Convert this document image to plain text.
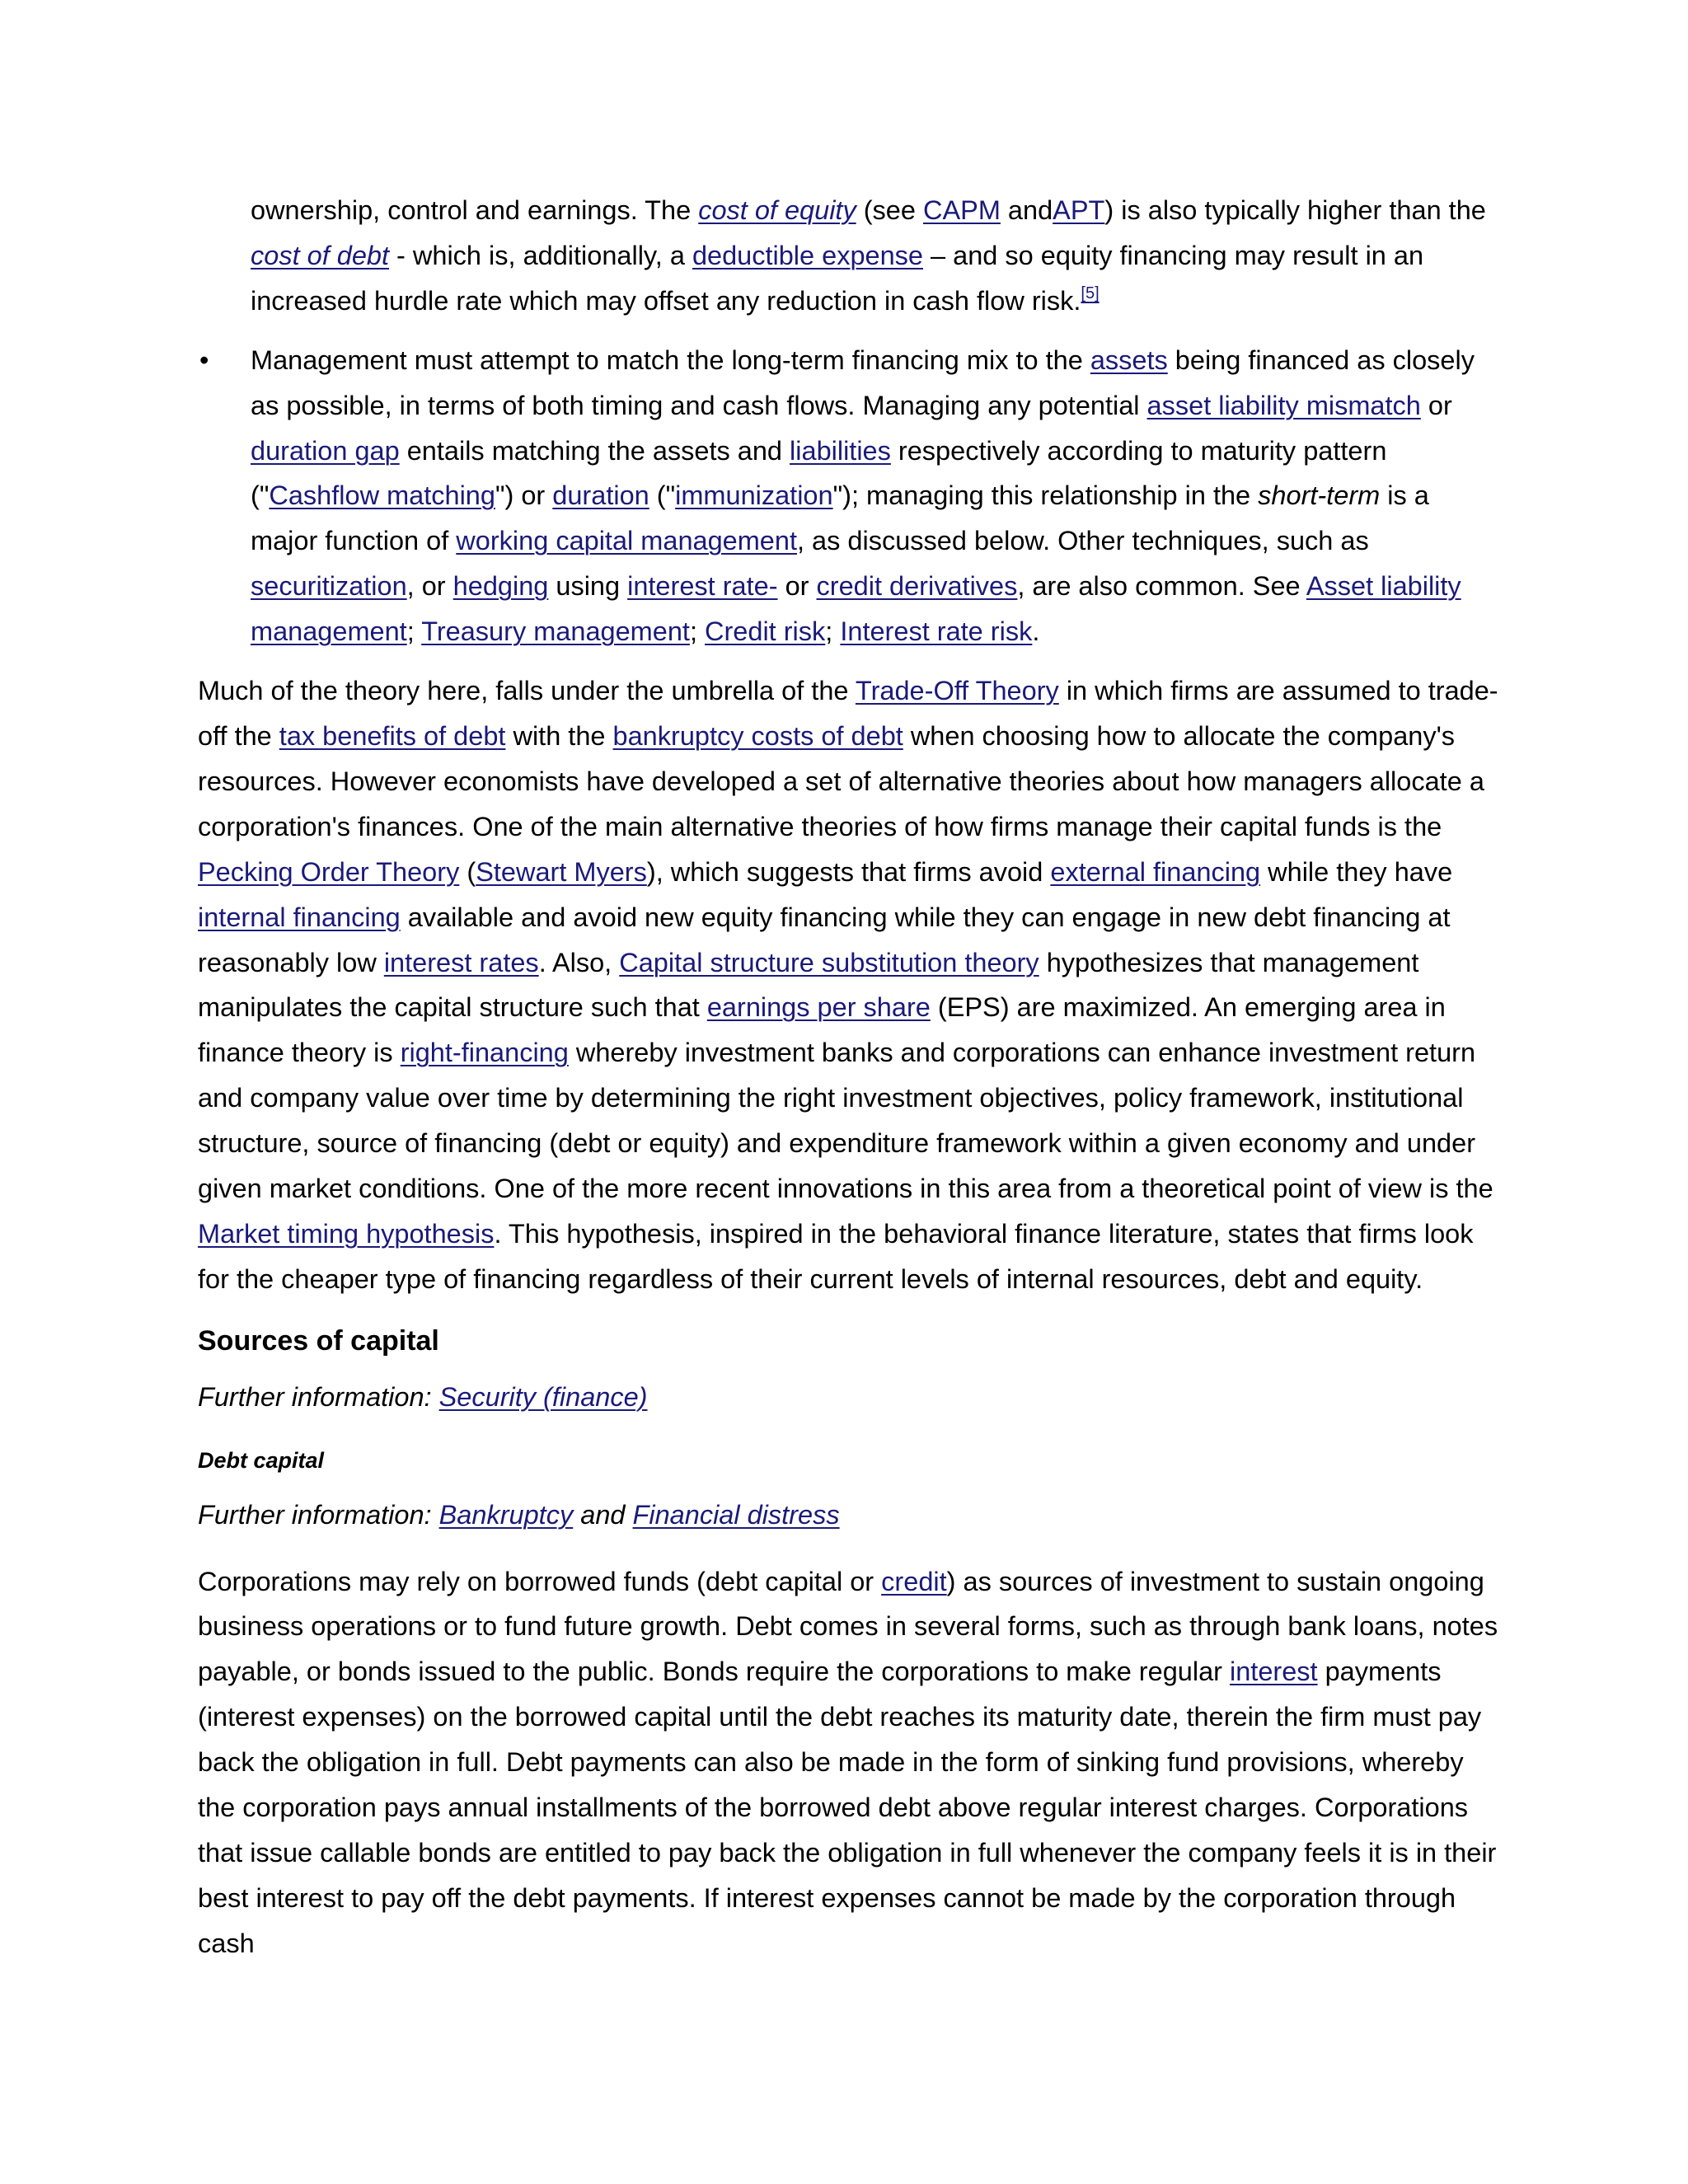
ownership, control and earnings. The cost of equity (see CAPM andAPT) is also typically higher than the cost of debt - which is, additionally, a deductible expense – and so equity financing may result in an increased hurdle rate which may offset any reduction in cash flow risk.[5]

• Management must attempt to match the long-term financing mix to the assets being financed as closely as possible, in terms of both timing and cash flows. Managing any potential asset liability mismatch or duration gap entails matching the assets and liabilities respectively according to maturity pattern ("Cashflow matching") or duration ("immunization"); managing this relationship in the short-term is a major function of working capital management, as discussed below. Other techniques, such as securitization, or hedging using interest rate- or credit derivatives, are also common. See Asset liability management; Treasury management; Credit risk; Interest rate risk.

Much of the theory here, falls under the umbrella of the Trade-Off Theory in which firms are assumed to trade-off the tax benefits of debt with the bankruptcy costs of debt when choosing how to allocate the company's resources. However economists have developed a set of alternative theories about how managers allocate a corporation's finances. One of the main alternative theories of how firms manage their capital funds is the Pecking Order Theory (Stewart Myers), which suggests that firms avoid external financing while they have internal financing available and avoid new equity financing while they can engage in new debt financing at reasonably low interest rates. Also, Capital structure substitution theory hypothesizes that management manipulates the capital structure such that earnings per share (EPS) are maximized. An emerging area in finance theory is right-financing whereby investment banks and corporations can enhance investment return and company value over time by determining the right investment objectives, policy framework, institutional structure, source of financing (debt or equity) and expenditure framework within a given economy and under given market conditions. One of the more recent innovations in this area from a theoretical point of view is the Market timing hypothesis. This hypothesis, inspired in the behavioral finance literature, states that firms look for the cheaper type of financing regardless of their current levels of internal resources, debt and equity.

Sources of capital

Further information: Security (finance)

Debt capital

Further information: Bankruptcy and Financial distress

Corporations may rely on borrowed funds (debt capital or credit) as sources of investment to sustain ongoing business operations or to fund future growth. Debt comes in several forms, such as through bank loans, notes payable, or bonds issued to the public. Bonds require the corporations to make regular interest payments (interest expenses) on the borrowed capital until the debt reaches its maturity date, therein the firm must pay back the obligation in full. Debt payments can also be made in the form of sinking fund provisions, whereby the corporation pays annual installments of the borrowed debt above regular interest charges. Corporations that issue callable bonds are entitled to pay back the obligation in full whenever the company feels it is in their best interest to pay off the debt payments. If interest expenses cannot be made by the corporation through cash
